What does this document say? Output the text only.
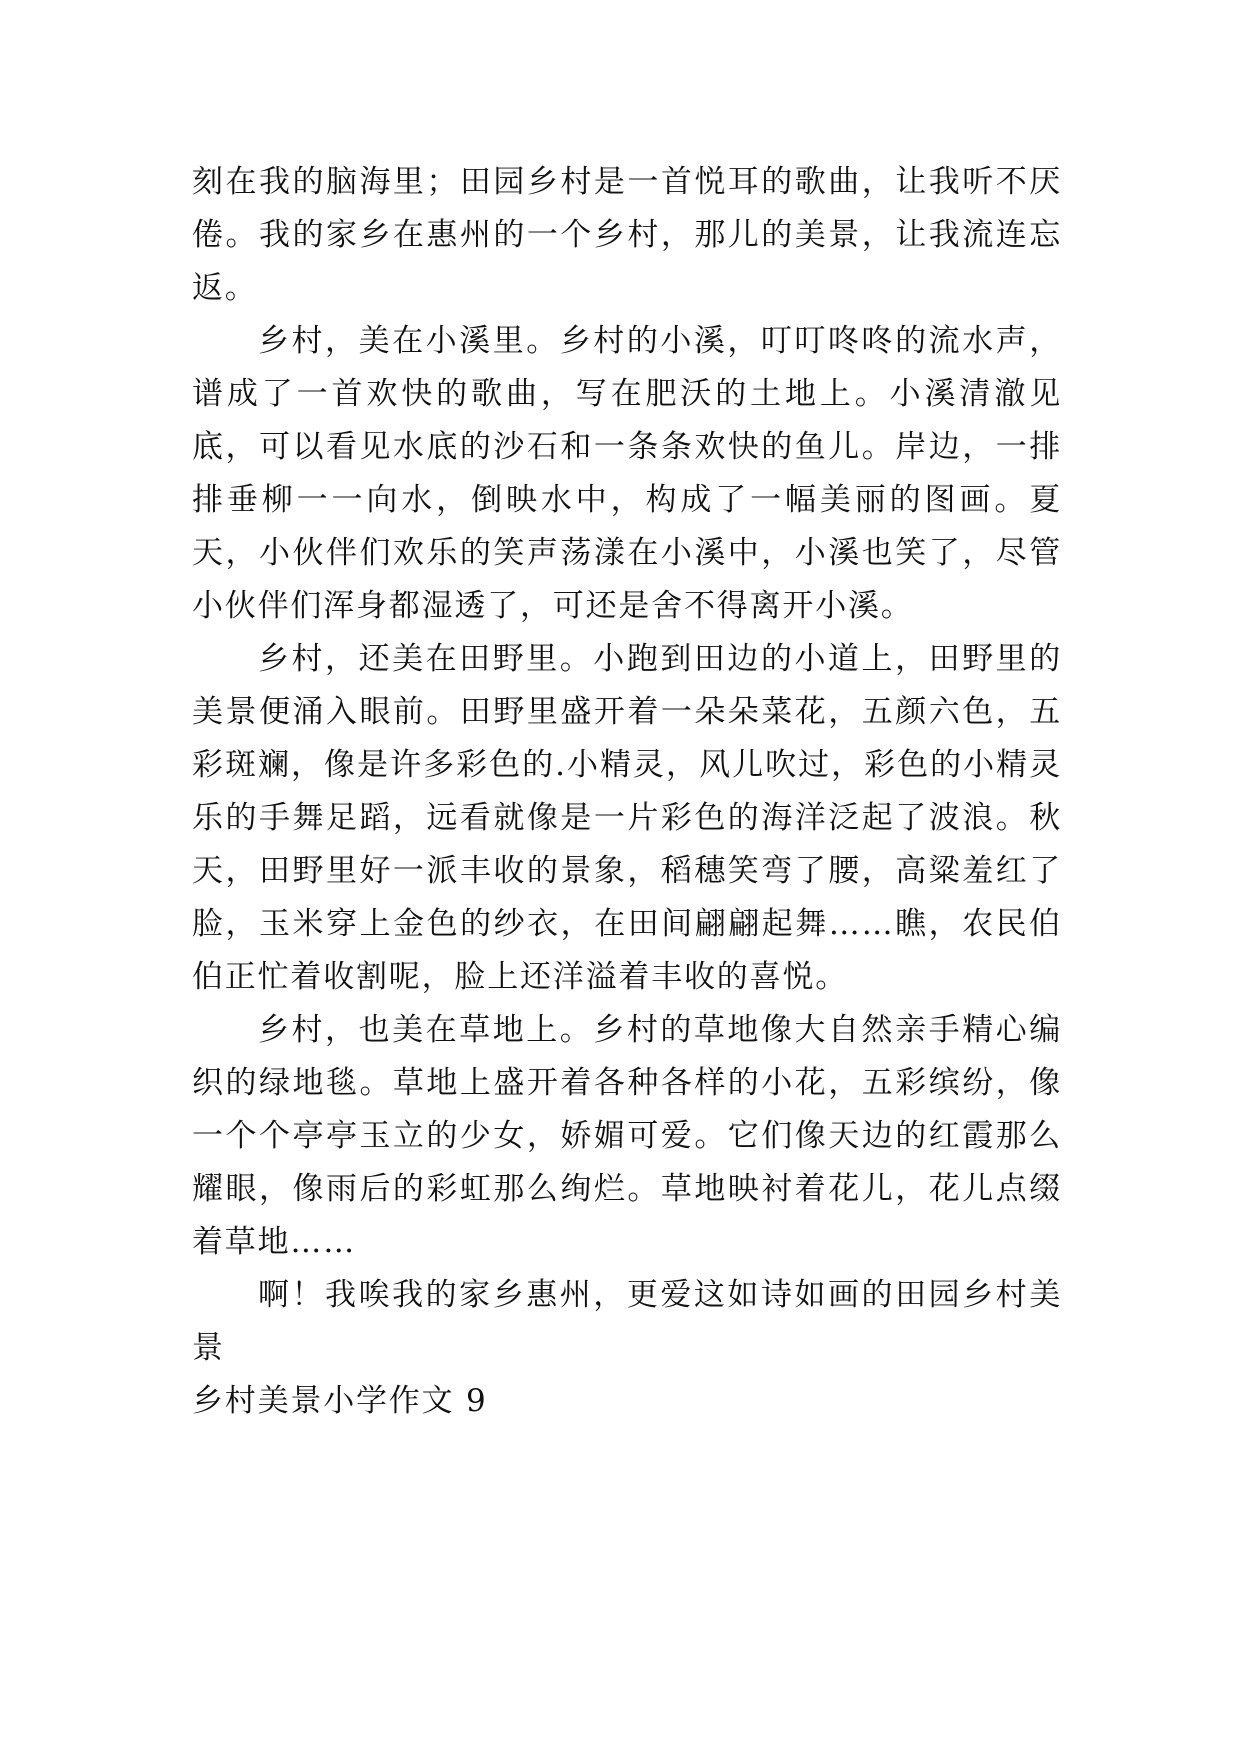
刻在我的脑海里；田园乡村是一首悦耳的歌曲，让我听不厌倦。我的家乡在惠州的一个乡村，那儿的美景，让我流连忘返。

乡村，美在小溪里。乡村的小溪，叮叮咚咚的流水声，谱成了一首欢快的歌曲，写在肥沃的土地上。小溪清澈见底，可以看见水底的沙石和一条条欢快的鱼儿。岸边，一排排垂柳一一向水，倒映水中，构成了一幅美丽的图画。夏天，小伙伴们欢乐的笑声荡漾在小溪中，小溪也笑了，尽管小伙伴们浑身都湿透了，可还是舍不得离开小溪。

乡村，还美在田野里。小跑到田边的小道上，田野里的美景便涌入眼前。田野里盛开着一朵朵菜花，五颜六色，五彩斑斓，像是许多彩色的.小精灵，风儿吹过，彩色的小精灵乐的手舞足蹈，远看就像是一片彩色的海洋泛起了波浪。秋天，田野里好一派丰收的景象，稻穗笑弯了腰，高粱羞红了脸，玉米穿上金色的纱衣，在田间翩翩起舞……瞧，农民伯伯正忙着收割呢，脸上还洋溢着丰收的喜悦。

乡村，也美在草地上。乡村的草地像大自然亲手精心编织的绿地毯。草地上盛开着各种各样的小花，五彩缤纷，像一个个亭亭玉立的少女，娇媚可爱。它们像天边的红霞那么耀眼，像雨后的彩虹那么绚烂。草地映衬着花儿，花儿点缀着草地……

啊！我唉我的家乡惠州，更爱这如诗如画的田园乡村美景

乡村美景小学作文 9
